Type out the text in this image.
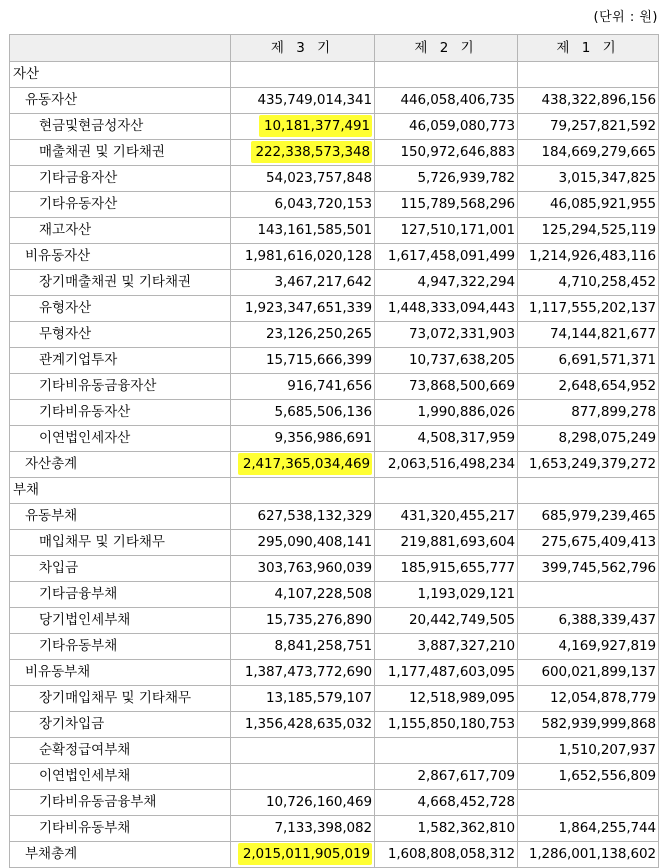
(단위 : 원)
	제 3 기	제 2 기	제 1 기
자산			
유동자산	435,749,014,341	446,058,406,735	438,322,896,156
현금및현금성자산	10,181,377,491	46,059,080,773	79,257,821,592
매출채권 및 기타채권	222,338,573,348	150,972,646,883	184,669,279,665
기타금융자산	54,023,757,848	5,726,939,782	3,015,347,825
기타유동자산	6,043,720,153	115,789,568,296	46,085,921,955
재고자산	143,161,585,501	127,510,171,001	125,294,525,119
비유동자산	1,981,616,020,128	1,617,458,091,499	1,214,926,483,116
장기매출채권 및 기타채권	3,467,217,642	4,947,322,294	4,710,258,452
유형자산	1,923,347,651,339	1,448,333,094,443	1,117,555,202,137
무형자산	23,126,250,265	73,072,331,903	74,144,821,677
관계기업투자	15,715,666,399	10,737,638,205	6,691,571,371
기타비유동금융자산	916,741,656	73,868,500,669	2,648,654,952
기타비유동자산	5,685,506,136	1,990,886,026	877,899,278
이연법인세자산	9,356,986,691	4,508,317,959	8,298,075,249
자산총계	2,417,365,034,469	2,063,516,498,234	1,653,249,379,272
부채			
유동부채	627,538,132,329	431,320,455,217	685,979,239,465
매입채무 및 기타채무	295,090,408,141	219,881,693,604	275,675,409,413
차입금	303,763,960,039	185,915,655,777	399,745,562,796
기타금융부채	4,107,228,508	1,193,029,121	
당기법인세부채	15,735,276,890	20,442,749,505	6,388,339,437
기타유동부채	8,841,258,751	3,887,327,210	4,169,927,819
비유동부채	1,387,473,772,690	1,177,487,603,095	600,021,899,137
장기매입채무 및 기타채무	13,185,579,107	12,518,989,095	12,054,878,779
장기차입금	1,356,428,635,032	1,155,850,180,753	582,939,999,868
순확정급여부채			1,510,207,937
이연법인세부채		2,867,617,709	1,652,556,809
기타비유동금융부채	10,726,160,469	4,668,452,728	
기타비유동부채	7,133,398,082	1,582,362,810	1,864,255,744
부채총계	2,015,011,905,019	1,608,808,058,312	1,286,001,138,602
